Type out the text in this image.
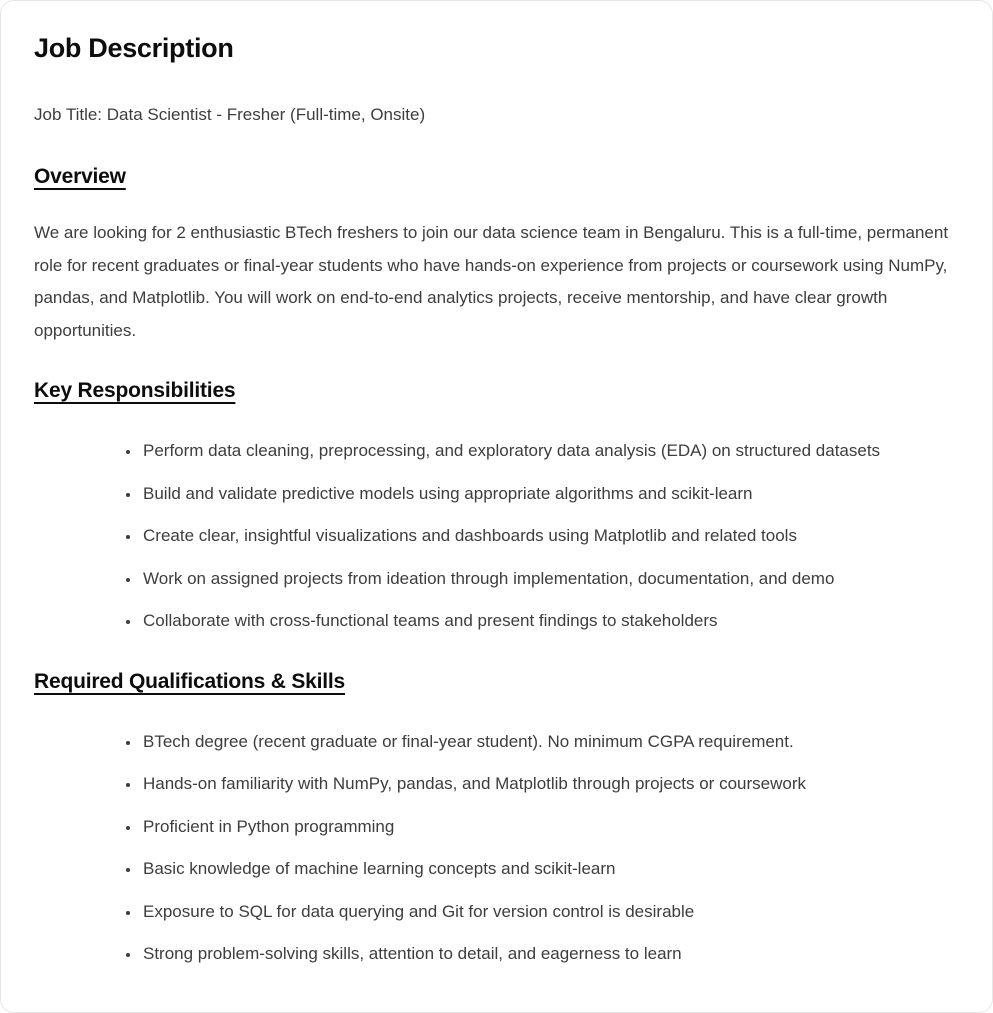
Job Description

Job Title: Data Scientist - Fresher (Full-time, Onsite)

Overview

We are looking for 2 enthusiastic BTech freshers to join our data science team in Bengaluru. This is a full-time, permanent role for recent graduates or final-year students who have hands-on experience from projects or coursework using NumPy, pandas, and Matplotlib. You will work on end-to-end analytics projects, receive mentorship, and have clear growth opportunities.

Key Responsibilities
• Perform data cleaning, preprocessing, and exploratory data analysis (EDA) on structured datasets
• Build and validate predictive models using appropriate algorithms and scikit-learn
• Create clear, insightful visualizations and dashboards using Matplotlib and related tools
• Work on assigned projects from ideation through implementation, documentation, and demo
• Collaborate with cross-functional teams and present findings to stakeholders
Required Qualifications & Skills
• BTech degree (recent graduate or final-year student). No minimum CGPA requirement.
• Hands-on familiarity with NumPy, pandas, and Matplotlib through projects or coursework
• Proficient in Python programming
• Basic knowledge of machine learning concepts and scikit-learn
• Exposure to SQL for data querying and Git for version control is desirable
• Strong problem-solving skills, attention to detail, and eagerness to learn
